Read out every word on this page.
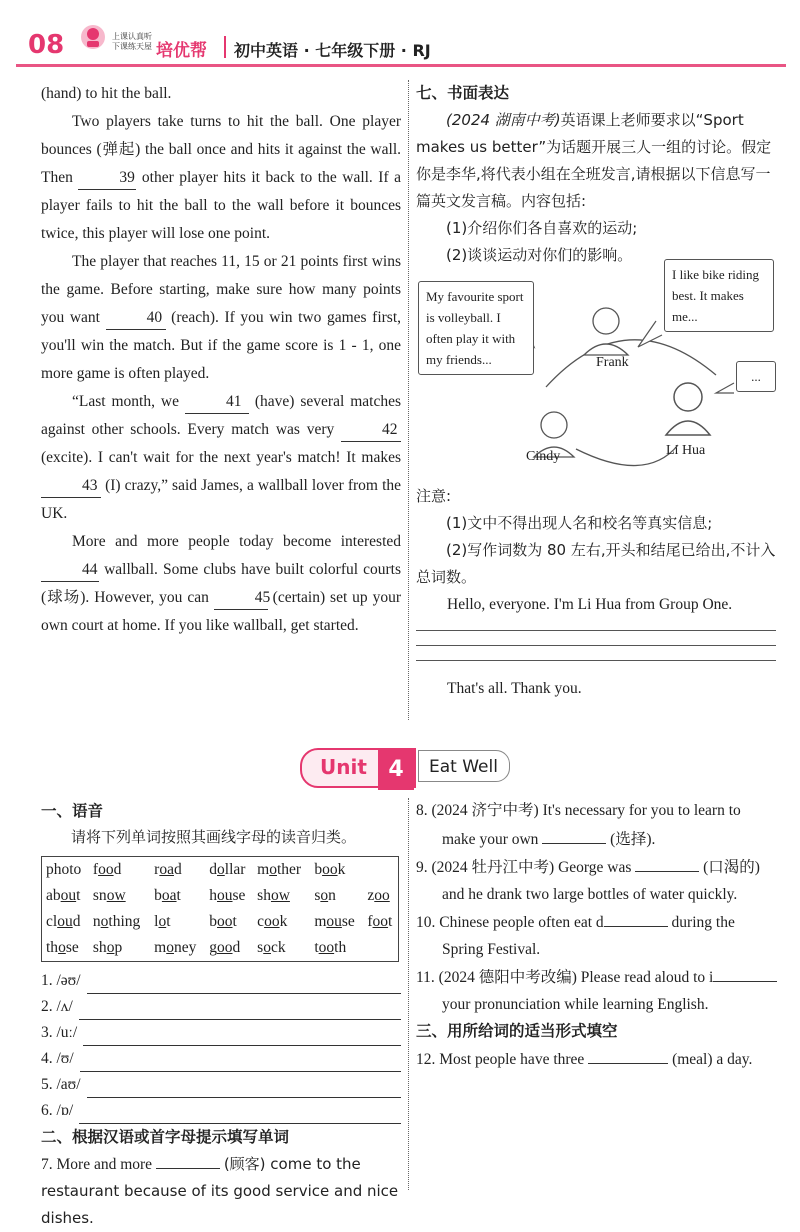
08	上课认真听 下课练天屋 培优帮 初中英语 · 七年级下册 · RJ

(hand) to hit the ball.

Two players take turns to hit the ball. One player bounces (弹起) the ball once and hits it against the wall. Then	39 other player hits it back to the wall. If a player fails to hit the ball to the wall before it bounces twice, this player will lose one point.

The player that reaches 11, 15 or 21 points first wins the game. Before starting, make sure how many points you want	40 (reach). If you win two games first, you'll win the match. But if the game score is 1 - 1, one more game is often played.

“Last month, we	41 (have) several matches against other schools. Every match was very	42 (excite). I can't wait for the next year's match! It makes 43 (I) crazy,” said James, a wallball lover from the UK.

More and more people today become interested 44 wallball. Some clubs have built colorful courts (球场). However, you can	45 (certain) set up your own court at home. If you like wallball, get started.

七、书面表达

(2024 湖南中考)英语课上老师要求以“Sport makes us better”为话题开展三人一组的讨论。假定你是李华,将代表小组在全班发言,请根据以下信息写一篇英文发言稿。内容包括:

(1)介绍你们各自喜欢的运动;

(2)谈谈运动对你们的影响。

My favourite sport is volleyball. I often play it with my friends...
I like bike riding best. It makes me...
...
Frank
Cindy	Li Hua

注意:

(1)文中不得出现人名和校名等真实信息;

(2)写作词数为 80 左右,开头和结尾已给出,不计入总词数。

Hello, everyone. I'm Li Hua from Group One.

That's all. Thank you.

Unit 4	Eat Well
一、语音
请将下列单词按照其画线字母的读音归类。
photo	food	road	dollar	mother	book	
about	snow	boat	house	show	son	zoo
cloud	nothing	lot	boot	cook	mouse	foot
those	shop	money	good	sock	tooth	
1. /əʊ/
2. /ʌ/
3. /uː/
4. /ʊ/
5. /aʊ/
6. /ɒ/
二、根据汉语或首字母提示填写单词
7. More and more	(顾客) come to the restaurant because of its good service and nice dishes.

8. (2024 济宁中考) It's necessary for you to learn to make your own	(选择).

9. (2024 牡丹江中考) George was	(口渴的) and he drank two large bottles of water quickly.

10. Chinese people often eat d	during the Spring Festival.

11. (2024 德阳中考改编) Please read aloud to i your pronunciation while learning English.

三、用所给词的适当形式填空

12. Most people have three	(meal) a day.
